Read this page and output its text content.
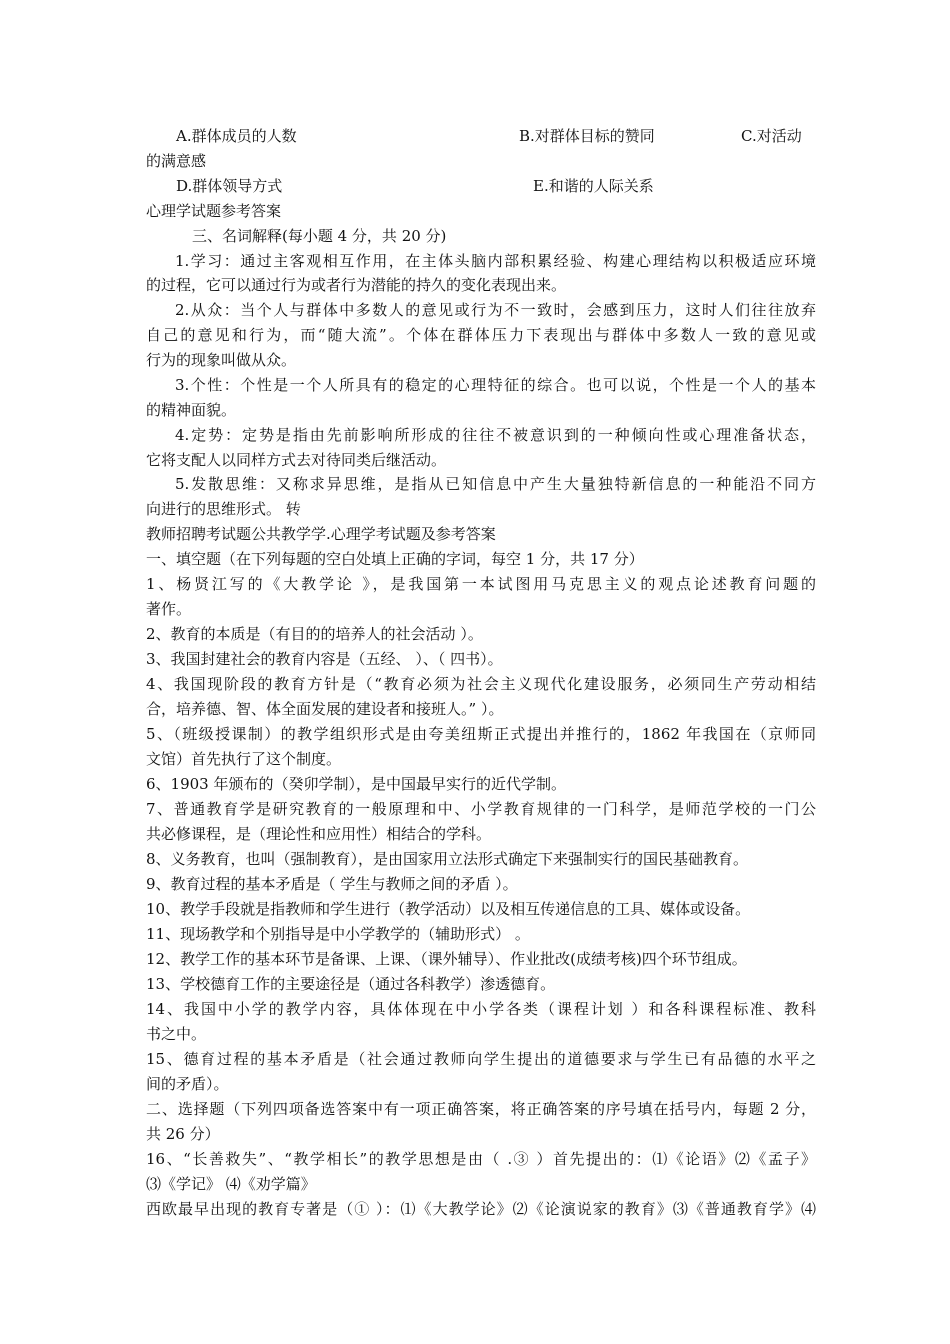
A.群体成员的人数	B.对群体目标的赞同	C.对活动
的满意感
D.群体领导方式	E.和谐的人际关系
心理学试题参考答案
三、名词解释(每小题 4 分，共 20 分)
1.学习：通过主客观相互作用，在主体头脑内部积累经验、构建心理结构以积极适应环境
的过程，它可以通过行为或者行为潜能的持久的变化表现出来。
2.从众：当个人与群体中多数人的意见或行为不一致时，会感到压力，这时人们往往放弃
自己的意见和行为，而“随大流”。个体在群体压力下表现出与群体中多数人一致的意见或
行为的现象叫做从众。
3.个性：个性是一个人所具有的稳定的心理特征的综合。也可以说，个性是一个人的基本
的精神面貌。
4.定势：定势是指由先前影响所形成的往往不被意识到的一种倾向性或心理准备状态，
它将支配人以同样方式去对待同类后继活动。
5.发散思维：又称求异思维，是指从已知信息中产生大量独特新信息的一种能沿不同方
向进行的思维形式。 转
教师招聘考试题公共教学学.心理学考试题及参考答案
一、填空题（在下列每题的空白处填上正确的字词，每空 1 分，共 17 分）
1、杨贤江写的《大教学论 》，是我国第一本试图用马克思主义的观点论述教育问题的
著作。
2、教育的本质是（有目的的培养人的社会活动 ）。
3、我国封建社会的教育内容是（五经、 ）、（ 四书）。
4、我国现阶段的教育方针是（“教育必须为社会主义现代化建设服务，必须同生产劳动相结
合，培养德、智、体全面发展的建设者和接班人。” ）。
5、（班级授课制）的教学组织形式是由夸美纽斯正式提出并推行的，1862 年我国在（京师同
文馆）首先执行了这个制度。
6、1903 年颁布的（癸卯学制），是中国最早实行的近代学制。
7、普通教育学是研究教育的一般原理和中、小学教育规律的一门科学，是师范学校的一门公
共必修课程，是（理论性和应用性）相结合的学科。
8、义务教育，也叫（强制教育），是由国家用立法形式确定下来强制实行的国民基础教育。
9、教育过程的基本矛盾是（ 学生与教师之间的矛盾 ）。
10、教学手段就是指教师和学生进行（教学活动）以及相互传递信息的工具、媒体或设备。
11、现场教学和个别指导是中小学教学的（辅助形式） 。
12、教学工作的基本环节是备课、上课、（课外辅导）、作业批改(成绩考核)四个环节组成。
13、学校德育工作的主要途径是（通过各科教学）渗透德育。
14、我国中小学的教学内容，具体体现在中小学各类（课程计划 ）和各科课程标准、教科
书之中。
15、德育过程的基本矛盾是（社会通过教师向学生提出的道德要求与学生已有品德的水平之
间的矛盾）。
二、选择题（下列四项备选答案中有一项正确答案，将正确答案的序号填在括号内，每题 2 分，
共 26 分）
16、“长善救失”、“教学相长”的教学思想是由（ .③ ）首先提出的：⑴《论语》⑵《孟子》
⑶《学记》 ⑷《劝学篇》
西欧最早出现的教育专著是（① ）：⑴《大教学论》⑵《论演说家的教育》⑶《普通教育学》⑷
